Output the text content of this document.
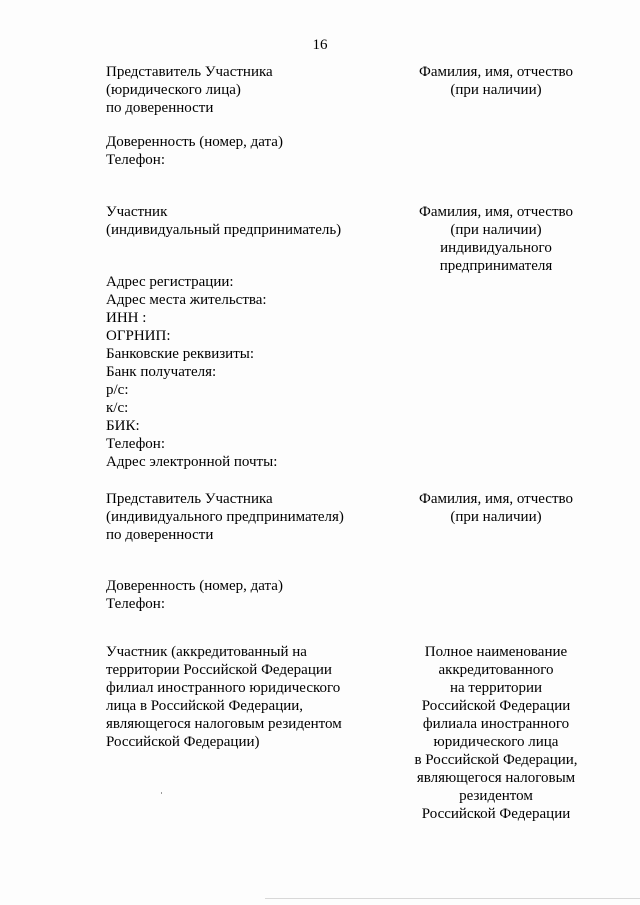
16
Представитель Участника
(юридического лица)
по доверенности
Фамилия, имя, отчество
(при наличии)
Доверенность (номер, дата)
Телефон:
Участник
(индивидуальный предприниматель)
Фамилия, имя, отчество
(при наличии)
индивидуального
предпринимателя
Адрес регистрации:
Адрес места жительства:
ИНН :
ОГРНИП:
Банковские реквизиты:
Банк получателя:
р/с:
к/с:
БИК:
Телефон:
Адрес электронной почты:
Представитель Участника
(индивидуального предпринимателя)
по доверенности
Фамилия, имя, отчество
(при наличии)
Доверенность (номер, дата)
Телефон:
Участник (аккредитованный на
территории Российской Федерации
филиал иностранного юридического
лица в Российской Федерации,
являющегося налоговым резидентом
Российской Федерации)
Полное наименование
аккредитованного
на территории
Российской Федерации
филиала иностранного
юридического лица
в Российской Федерации,
являющегося налоговым
резидентом
Российской Федерации
